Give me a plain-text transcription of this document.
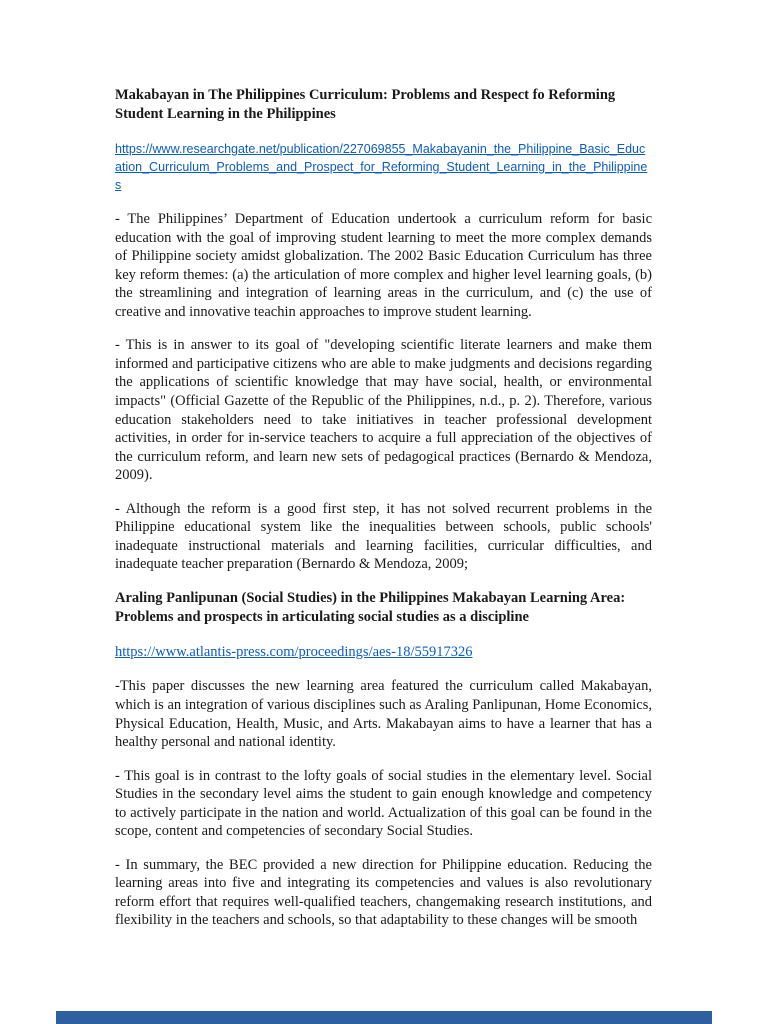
Makabayan in The Philippines Curriculum: Problems and Respect fo Reforming Student Learning in the Philippines
https://www.researchgate.net/publication/227069855_Makabayanin_the_Philippine_Basic_Education_Curriculum_Problems_and_Prospect_for_Reforming_Student_Learning_in_the_Philippines

- The Philippines’ Department of Education undertook a curriculum reform for basic education with the goal of improving student learning to meet the more complex demands of Philippine society amidst globalization. The 2002 Basic Education Curriculum has three key reform themes: (a) the articulation of more complex and higher level learning goals, (b) the streamlining and integration of learning areas in the curriculum, and (c) the use of creative and innovative teachin approaches to improve student learning.

- This is in answer to its goal of "developing scientific literate learners and make them informed and participative citizens who are able to make judgments and decisions regarding the applications of scientific knowledge that may have social, health, or environmental impacts" (Official Gazette of the Republic of the Philippines, n.d., p. 2). Therefore, various education stakeholders need to take initiatives in teacher professional development activities, in order for in-service teachers to acquire a full appreciation of the objectives of the curriculum reform, and learn new sets of pedagogical practices (Bernardo & Mendoza, 2009).

- Although the reform is a good first step, it has not solved recurrent problems in the Philippine educational system like the inequalities between schools, public schools' inadequate instructional materials and learning facilities, curricular difficulties, and inadequate teacher preparation (Bernardo & Mendoza, 2009;

Araling Panlipunan (Social Studies) in the Philippines Makabayan Learning Area:
Problems and prospects in articulating social studies as a discipline
https://www.atlantis-press.com/proceedings/aes-18/55917326

-This paper discusses the new learning area featured the curriculum called Makabayan, which is an integration of various disciplines such as Araling Panlipunan, Home Economics, Physical Education, Health, Music, and Arts. Makabayan aims to have a learner that has a healthy personal and national identity.

- This goal is in contrast to the lofty goals of social studies in the elementary level. Social Studies in the secondary level aims the student to gain enough knowledge and competency to actively participate in the nation and world. Actualization of this goal can be found in the scope, content and competencies of secondary Social Studies.

- In summary, the BEC provided a new direction for Philippine education. Reducing the learning areas into five and integrating its competencies and values is also revolutionary reform effort that requires well-qualified teachers, changemaking research institutions, and flexibility in the teachers and schools, so that adaptability to these changes will be smooth
